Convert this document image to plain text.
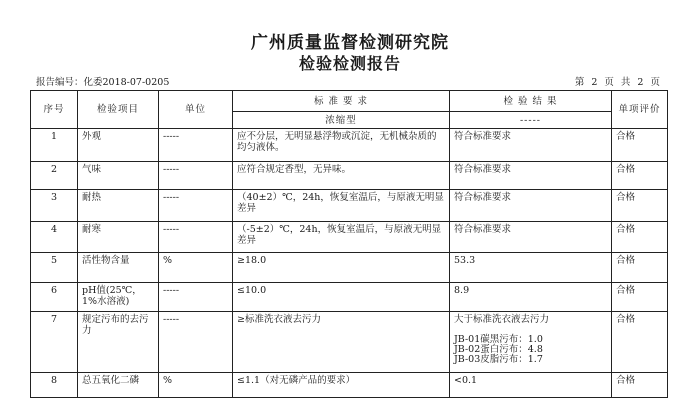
广州质量监督检测研究院
检验检测报告
报告编号：化委2018-07-0205	第 2 页 共 2 页
序号	检验项目	单位	标 准 要 求	检 验 结 果	单项评价
			浓缩型	-----	
1	外观	-----	应不分层，无明显悬浮物或沉淀，无机械杂质的均匀液体。	符合标准要求	合格
2	气味	-----	应符合规定香型，无异味。	符合标准要求	合格
3	耐热	-----	（40±2）℃，24h，恢复室温后，与原液无明显差异	符合标准要求	合格
4	耐寒	-----	（-5±2）℃，24h，恢复室温后，与原液无明显差异	符合标准要求	合格
5	活性物含量	%	≥18.0	53.3	合格
6	pH值(25℃，1%水溶液)	-----	≤10.0	8.9	合格
7	规定污布的去污力	-----	≥标准洗衣液去污力	大于标准洗衣液去污力
JB-01碳黑污布：1.0
JB-02蛋白污布：4.8
JB-03皮脂污布：1.7	合格
8	总五氧化二磷	%	≤1.1（对无磷产品的要求）	<0.1	合格
